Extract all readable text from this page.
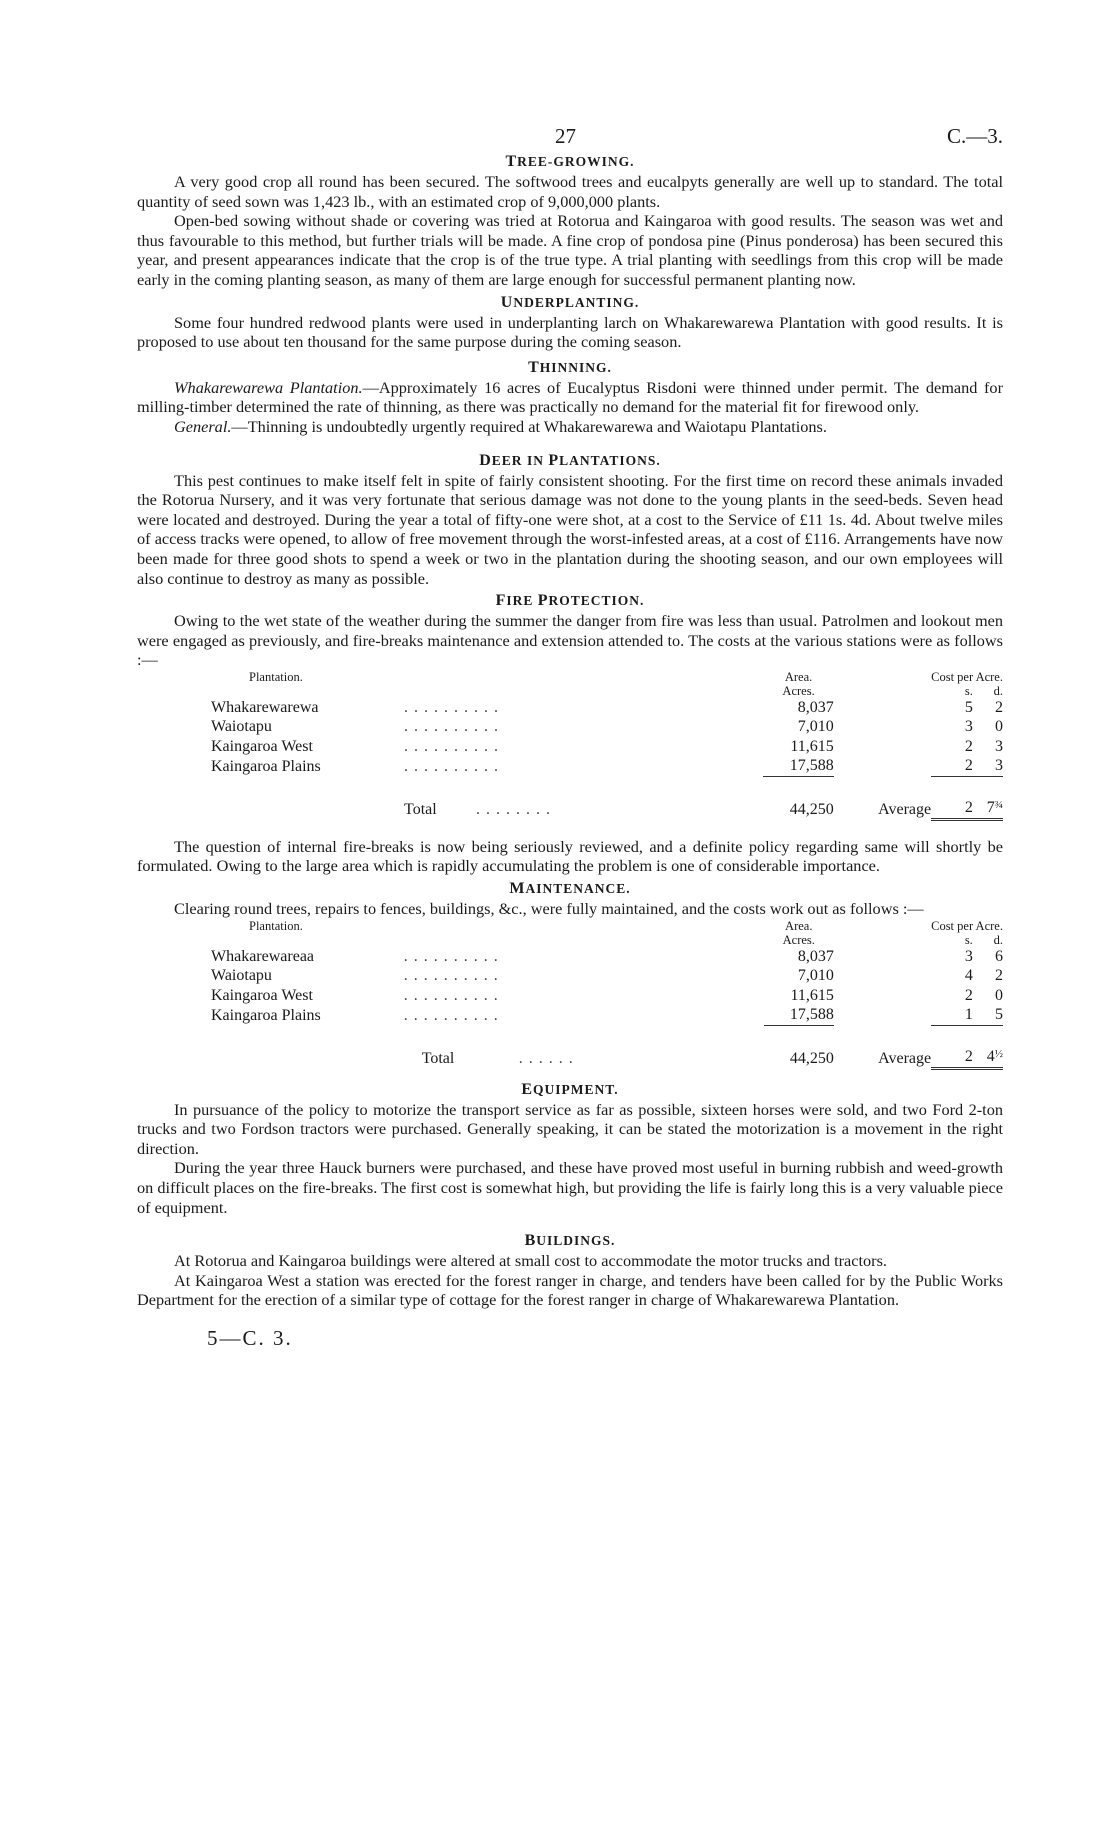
27	C.—3.
TREE-GROWING.

A very good crop all round has been secured. The softwood trees and eucalpyts generally are well up to standard. The total quantity of seed sown was 1,423 lb., with an estimated crop of 9,000,000 plants.

Open-bed sowing without shade or covering was tried at Rotorua and Kaingaroa with good results. The season was wet and thus favourable to this method, but further trials will be made. A fine crop of pondosa pine (Pinus ponderosa) has been secured this year, and present appearances indicate that the crop is of the true type. A trial planting with seedlings from this crop will be made early in the coming planting season, as many of them are large enough for successful permanent planting now.

UNDERPLANTING.

Some four hundred redwood plants were used in underplanting larch on Whakarewarewa Plantation with good results. It is proposed to use about ten thousand for the same purpose during the coming season.

THINNING.

Whakarewarewa Plantation.—Approximately 16 acres of Eucalyptus Risdoni were thinned under permit. The demand for milling-timber determined the rate of thinning, as there was practically no demand for the material fit for firewood only.

General.—Thinning is undoubtedly urgently required at Whakarewarewa and Waiotapu Plantations.

DEER IN PLANTATIONS.

This pest continues to make itself felt in spite of fairly consistent shooting. For the first time on record these animals invaded the Rotorua Nursery, and it was very fortunate that serious damage was not done to the young plants in the seed-beds. Seven head were located and destroyed. During the year a total of fifty-one were shot, at a cost to the Service of £11 1s. 4d. About twelve miles of access tracks were opened, to allow of free movement through the worst-infested areas, at a cost of £116. Arrangements have now been made for three good shots to spend a week or two in the plantation during the shooting season, and our own employees will also continue to destroy as many as possible.

FIRE PROTECTION.

Owing to the wet state of the weather during the summer the danger from fire was less than usual. Patrolmen and lookout men were engaged as previously, and fire-breaks maintenance and extension attended to. The costs at the various stations were as follows :—

Plantation.		Area.		Cost per Acre.	
		Acres.		s.	d.
Whakarewarewa	. . . . . . . . . .	8,037		5	2
Waiotapu	. . . . . . . . . .	7,010		3	0
Kaingaroa West	. . . . . . . . . .	11,615		2	3
Kaingaroa Plains	. . . . . . . . . .	17,588		2	3

	Total . . . . . . . .	44,250	Average	2	$7^{\frac{3}{4}}$

The question of internal fire-breaks is now being seriously reviewed, and a definite policy regarding same will shortly be formulated. Owing to the large area which is rapidly accumulating the problem is one of considerable importance.

MAINTENANCE.

Clearing round trees, repairs to fences, buildings, &c., were fully maintained, and the costs work out as follows :—

Plantation.		Area.		Cost per Acre.	
		Acres.		s.	d.
Whakarewareaa	. . . . . . . . . .	8,037		3	6
Waiotapu	. . . . . . . . . .	7,010		4	2
Kaingaroa West	. . . . . . . . . .	11,615		2	0
Kaingaroa Plains	. . . . . . . . . .	17,588		1	5

	Total . . . . . .	44,250	Average	2	$4^{\frac{1}{2}}$
EQUIPMENT.

In pursuance of the policy to motorize the transport service as far as possible, sixteen horses were sold, and two Ford 2-ton trucks and two Fordson tractors were purchased. Generally speaking, it can be stated the motorization is a movement in the right direction.

During the year three Hauck burners were purchased, and these have proved most useful in burning rubbish and weed-growth on difficult places on the fire-breaks. The first cost is somewhat high, but providing the life is fairly long this is a very valuable piece of equipment.

BUILDINGS.

At Rotorua and Kaingaroa buildings were altered at small cost to accommodate the motor trucks and tractors.

At Kaingaroa West a station was erected for the forest ranger in charge, and tenders have been called for by the Public Works Department for the erection of a similar type of cottage for the forest ranger in charge of Whakarewarewa Plantation.

5—C. 3.
